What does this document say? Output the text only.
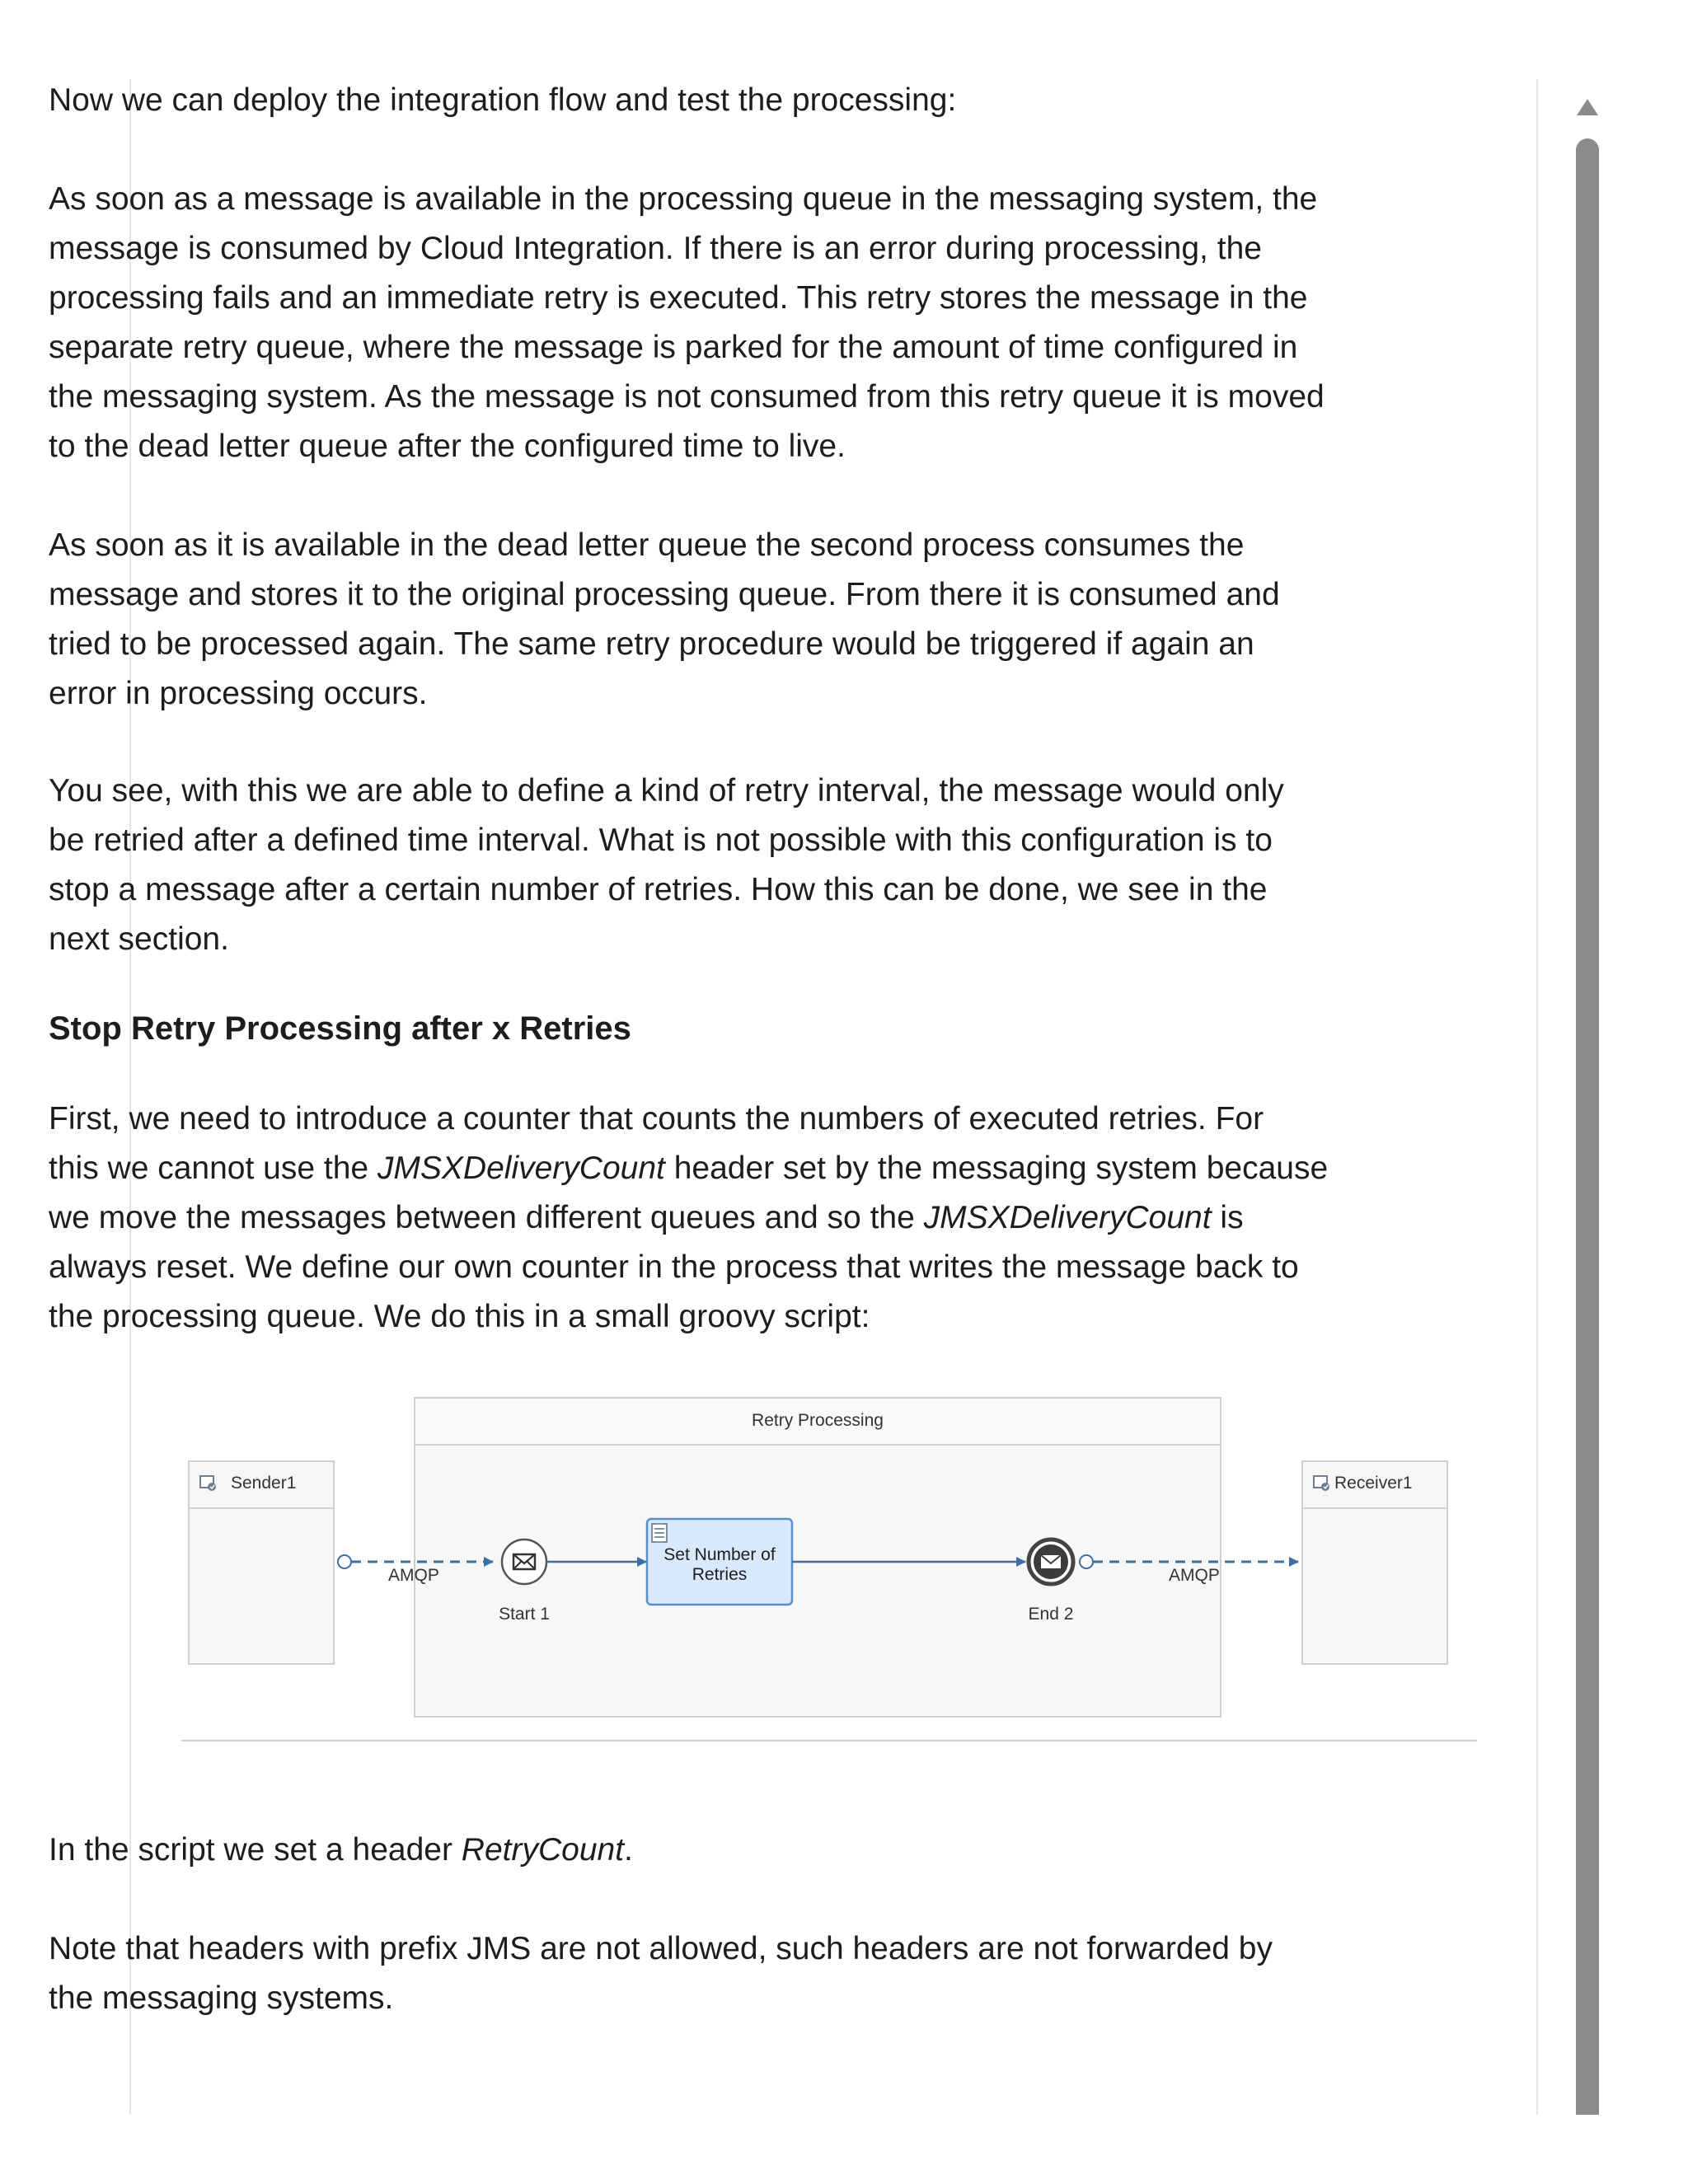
Now we can deploy the integration flow and test the processing:

As soon as a message is available in the processing queue in the messaging system, the

message is consumed by Cloud Integration. If there is an error during processing, the

processing fails and an immediate retry is executed. This retry stores the message in the

separate retry queue, where the message is parked for the amount of time configured in

the messaging system. As the message is not consumed from this retry queue it is moved

to the dead letter queue after the configured time to live.

As soon as it is available in the dead letter queue the second process consumes the

message and stores it to the original processing queue. From there it is consumed and

tried to be processed again. The same retry procedure would be triggered if again an

error in processing occurs.

You see, with this we are able to define a kind of retry interval, the message would only

be retried after a defined time interval. What is not possible with this configuration is to

stop a message after a certain number of retries. How this can be done, we see in the

next section.

Stop Retry Processing after x Retries

First, we need to introduce a counter that counts the numbers of executed retries. For

this we cannot use the JMSXDeliveryCount header set by the messaging system because

we move the messages between different queues and so the JMSXDeliveryCount is

always reset. We define our own counter in the process that writes the message back to

the processing queue. We do this in a small groovy script:

Sender1
Retry Processing
Receiver1
AMQP
Start 1
Set Number of
Retries
End 2
AMQP

In the script we set a header RetryCount.

Note that headers with prefix JMS are not allowed, such headers are not forwarded by

the messaging systems.
